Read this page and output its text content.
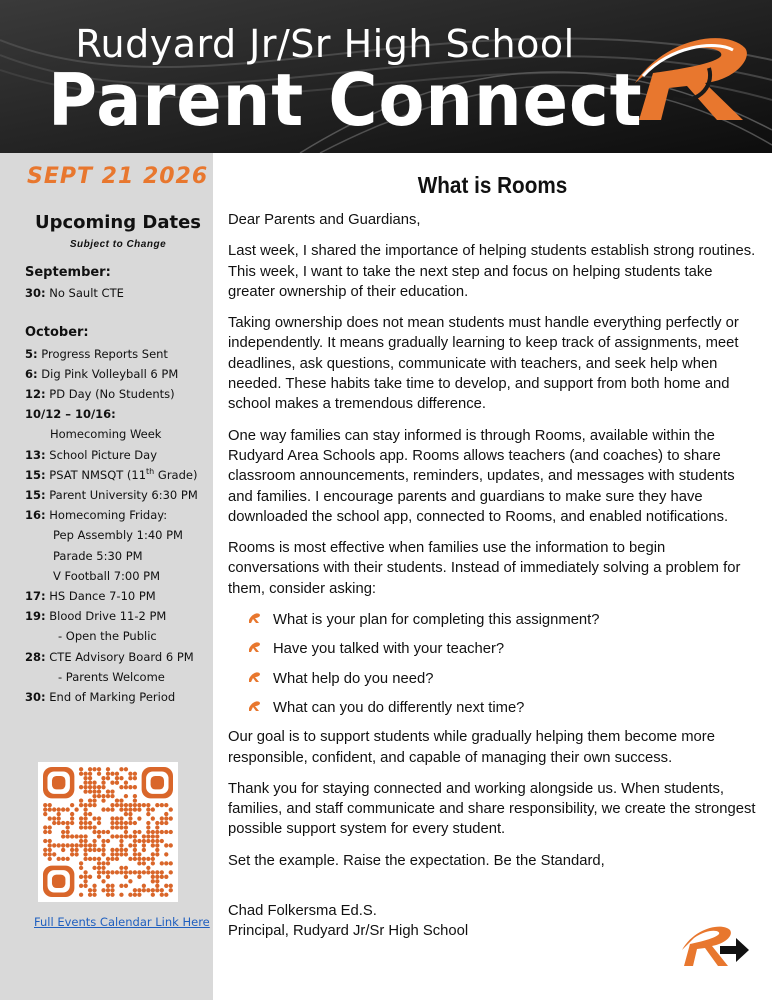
Rudyard Jr/Sr High School
Parent Connect
SEPT 21 2026
Upcoming Dates
Subject to Change
September:
30: No Sault CTE
October:
5: Progress Reports Sent
6: Dig Pink Volleyball 6 PM
12: PD Day (No Students)
10/12 – 10/16:
Homecoming Week
13: School Picture Day
15: PSAT NMSQT (11th Grade)
15: Parent University 6:30 PM
16: Homecoming Friday:
Pep Assembly 1:40 PM
Parade 5:30 PM
V Football 7:00 PM
17: HS Dance 7-10 PM
19: Blood Drive 11-2 PM
- Open the Public
28: CTE Advisory Board 6 PM
- Parents Welcome
30: End of Marking Period
Full Events Calendar Link Here
What is Rooms

Dear Parents and Guardians,

Last week, I shared the importance of helping students establish strong routines. This week, I want to take the next step and focus on helping students take greater ownership of their education.

Taking ownership does not mean students must handle everything perfectly or independently. It means gradually learning to keep track of assignments, meet deadlines, ask questions, communicate with teachers, and seek help when needed. These habits take time to develop, and support from both home and school makes a tremendous difference.

One way families can stay informed is through Rooms, available within the Rudyard Area Schools app. Rooms allows teachers (and coaches) to share classroom announcements, reminders, updates, and messages with students and families. I encourage parents and guardians to make sure they have downloaded the school app, connected to Rooms, and enabled notifications.

Rooms is most effective when families use the information to begin conversations with their students. Instead of immediately solving a problem for them, consider asking:

What is your plan for completing this assignment?
Have you talked with your teacher?
What help do you need?
What can you do differently next time?

Our goal is to support students while gradually helping them become more responsible, confident, and capable of managing their own success.

Thank you for staying connected and working alongside us. When students, families, and staff communicate and share responsibility, we create the strongest possible support system for every student.

Set the example. Raise the expectation. Be the Standard,

Chad Folkersma Ed.S.
Principal, Rudyard Jr/Sr High School
